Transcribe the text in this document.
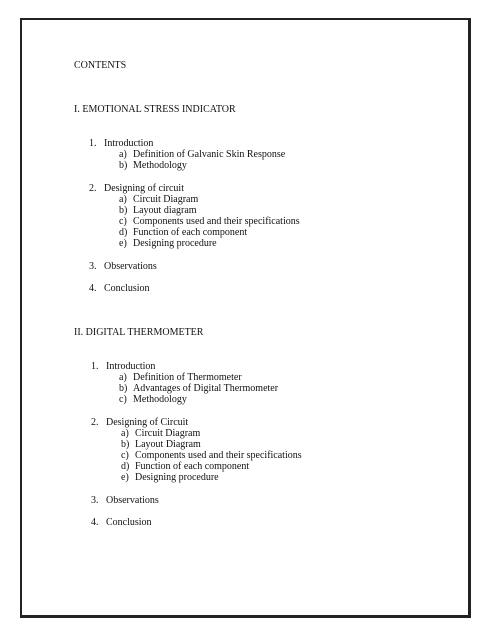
CONTENTS
I. EMOTIONAL STRESS INDICATOR
1. Introduction
a) Definition of Galvanic Skin Response
b) Methodology
2. Designing of circuit
a) Circuit Diagram
b) Layout diagram
c) Components used and their specifications
d) Function of each component
e) Designing procedure
3. Observations
4. Conclusion
II. DIGITAL THERMOMETER
1. Introduction
a) Definition of Thermometer
b) Advantages of Digital Thermometer
c) Methodology
2. Designing of Circuit
a) Circuit Diagram
b) Layout Diagram
c) Components used and their specifications
d) Function of each component
e) Designing procedure
3. Observations
4. Conclusion
